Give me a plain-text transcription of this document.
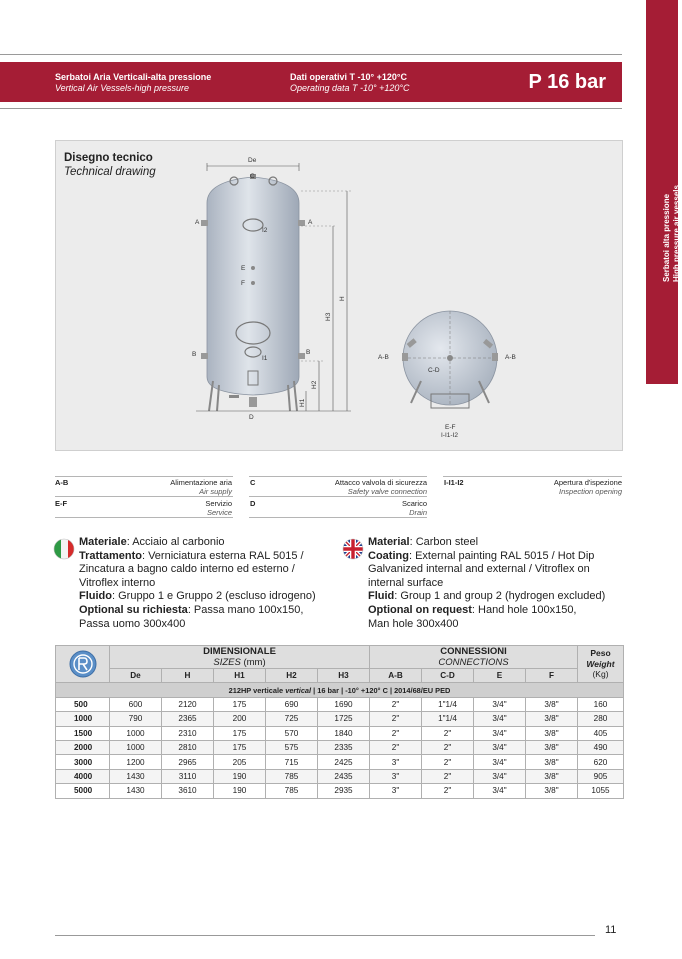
Serbatoi Aria Verticali-alta pressione
Vertical Air Vessels-high pressure
Dati operativi T -10° +120°C
Operating data T -10° +120°C	P 16 bar
Serbatoi alta pressione High pressure air vessels
De
C
A	A
I2
E
F
B	B
I1
D
H
H3
H2
H1
A-B	A-B
C-D
E-F
I-I1-I2
Disegno tecnico
Technical drawing
A-B	Alimentazione aria
Air supply
C	Attacco valvola di sicurezza
Safety valve connection
I-I1-I2	Apertura d'ispezione
Inspection opening
E-F	Servizio
Service
D	Scarico
Drain
Materiale: Acciaio al carbonio
Trattamento: Verniciatura esterna RAL 5015 /
Zincatura a bagno caldo interno ed esterno /
Vitroflex interno
Fluido: Gruppo 1 e Gruppo 2 (escluso idrogeno)
Optional su richiesta: Passa mano 100x150,
Passa uomo 300x400
Material: Carbon steel
Coating: External painting RAL 5015 / Hot Dip
Galvanized internal and external / Vitroflex on
internal surface
Fluid: Group 1 and group 2 (hydrogen excluded)
Optional on request: Hand hole 100x150,
Man hole 300x400

DIMENSIONALE
SIZES (mm)					CONNESSIONI
CONNECTIONS				Peso
Weight
(Kg)

	De	H	H1	H2	H3	A-B	C-D	E	F	
212HP verticale vertical | 16 bar | -10° +120° C | 2014/68/EU PED										
500	600	2120	175	690	1690	2"	1"1/4	3/4"	3/8"	160
1000	790	2365	200	725	1725	2"	1"1/4	3/4"	3/8"	280
1500	1000	2310	175	570	1840	2"	2"	3/4"	3/8"	405
2000	1000	2810	175	575	2335	2"	2"	3/4"	3/8"	490
3000	1200	2965	205	715	2425	3"	2"	3/4"	3/8"	620
4000	1430	3110	190	785	2435	3"	2"	3/4"	3/8"	905
5000	1430	3610	190	785	2935	3"	2"	3/4"	3/8"	1055
11
